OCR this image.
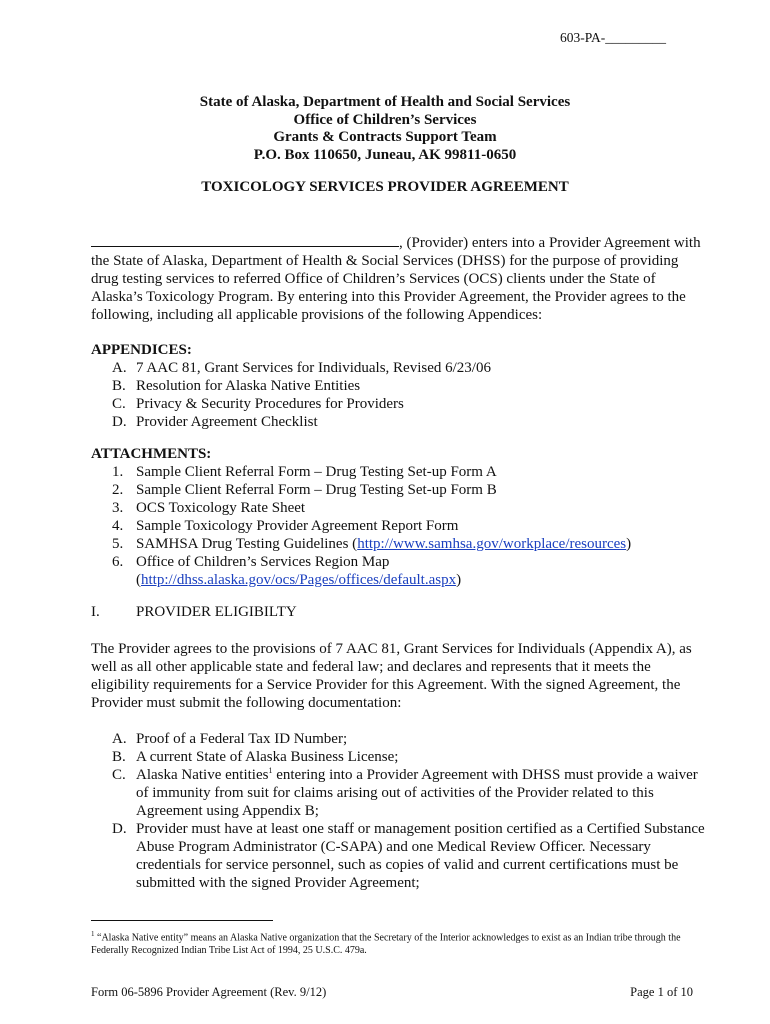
603-PA-_________
State of Alaska, Department of Health and Social Services
Office of Children’s Services
Grants & Contracts Support Team
P.O. Box 110650, Juneau, AK 99811-0650
TOXICOLOGY SERVICES PROVIDER AGREEMENT
, (Provider) enters into a Provider Agreement with the State of Alaska, Department of Health & Social Services (DHSS) for the purpose of providing drug testing services to referred Office of Children’s Services (OCS) clients under the State of Alaska’s Toxicology Program. By entering into this Provider Agreement, the Provider agrees to the following, including all applicable provisions of the following Appendices:
APPENDICES:
A. 7 AAC 81, Grant Services for Individuals, Revised 6/23/06
B. Resolution for Alaska Native Entities
C. Privacy & Security Procedures for Providers
D. Provider Agreement Checklist
ATTACHMENTS:
1. Sample Client Referral Form – Drug Testing Set-up Form A
2. Sample Client Referral Form – Drug Testing Set-up Form B
3. OCS Toxicology Rate Sheet
4. Sample Toxicology Provider Agreement Report Form
5. SAMHSA Drug Testing Guidelines (http://www.samhsa.gov/workplace/resources)
6. Office of Children’s Services Region Map
(http://dhss.alaska.gov/ocs/Pages/offices/default.aspx)
I. PROVIDER ELIGIBILTY
The Provider agrees to the provisions of 7 AAC 81, Grant Services for Individuals (Appendix A), as well as all other applicable state and federal law; and declares and represents that it meets the eligibility requirements for a Service Provider for this Agreement. With the signed Agreement, the Provider must submit the following documentation:
A. Proof of a Federal Tax ID Number;
B. A current State of Alaska Business License;
C. Alaska Native entities$^1$ entering into a Provider Agreement with DHSS must provide a waiver of immunity from suit for claims arising out of activities of the Provider related to this Agreement using Appendix B;
D. Provider must have at least one staff or management position certified as a Certified Substance Abuse Program Administrator (C-SAPA) and one Medical Review Officer. Necessary credentials for service personnel, such as copies of valid and current certifications must be submitted with the signed Provider Agreement;
$^1$ “Alaska Native entity” means an Alaska Native organization that the Secretary of the Interior acknowledges to exist as an Indian tribe through the Federally Recognized Indian Tribe List Act of 1994, 25 U.S.C. 479a.
Form 06-5896 Provider Agreement (Rev. 9/12)	Page 1 of 10
